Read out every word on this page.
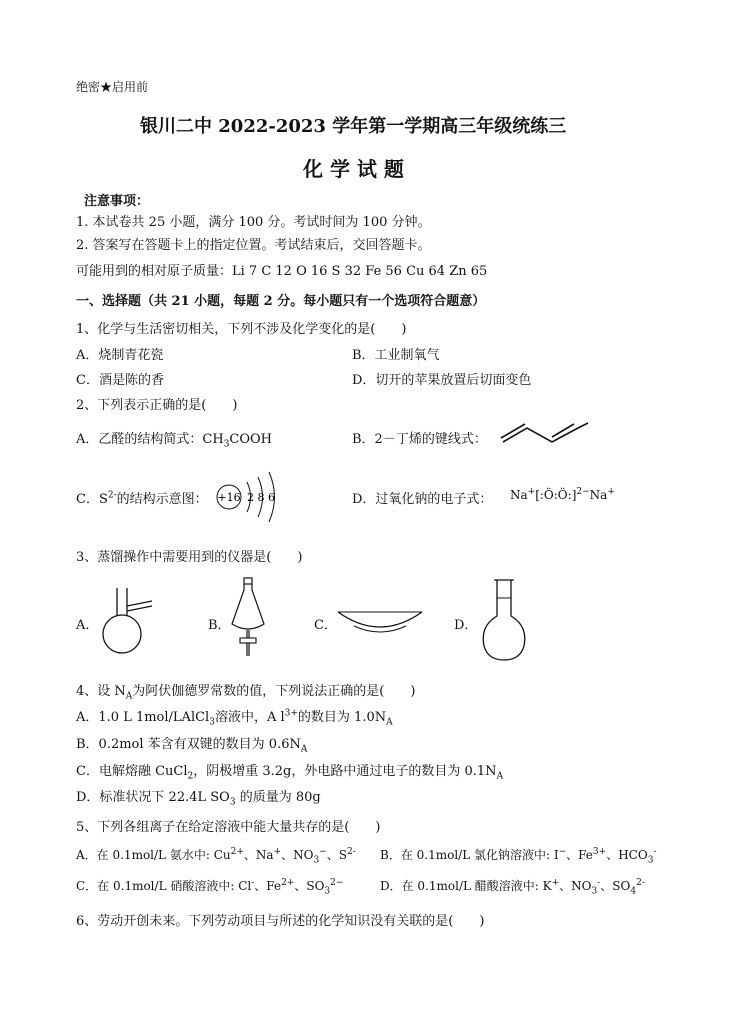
绝密★启用前
银川二中 2022-2023 学年第一学期高三年级统练三
化 学 试 题
注意事项：
1. 本试卷共 25 小题，满分 100 分。考试时间为 100 分钟。
2. 答案写在答题卡上的指定位置。考试结束后，交回答题卡。
可能用到的相对原子质量：Li 7 C 12 O 16 S 32 Fe 56 Cu 64 Zn 65
一、选择题（共 21 小题，每题 2 分。每小题只有一个选项符合题意）
1、化学与生活密切相关，下列不涉及化学变化的是(　　)
A．烧制青花瓷	B．工业制氧气
C．酒是陈的香	D．切开的苹果放置后切面变色
2、下列表示正确的是(　　)
A．乙醛的结构简式：$CH_3COOH$	B．2－丁烯的键线式：
C．$S^{2-}$的结构示意图： +16 2 8 6	D．过氧化钠的电子式： Na+[:Ö:Ö:]$^{2-}$Na+
3、蒸馏操作中需要用到的仪器是(　　)
A．	B．	C．	D．
4、设 $N_A$为阿伏伽德罗常数的值，下列说法正确的是(　　)
A．1.0 L 1mol/LAlCl$_3$溶液中，A $l^{3+}$的数目为 $1.0N_A$
B．0.2mol 苯含有双键的数目为 $0.6N_A$
C．电解熔融 CuCl$_2$，阴极增重 3.2g，外电路中通过电子的数目为 $0.1N_A$
D．标准状况下 22.4L $SO_3$ 的质量为 80g
5、下列各组离子在给定溶液中能大量共存的是(　　)
A．在 0.1mol/L 氨水中: $Cu^{2+}$、Na+、$NO_3^-$、$S^{2-}$ B．在 0.1mol/L 氯化钠溶液中: I−、$Fe^{3+}$、$HCO_3^-$
C．在 0.1mol/L 硝酸溶液中: Cl-、$Fe^{2+}$、$SO_3^{2-}$	D．在 0.1mol/L 醋酸溶液中: K+、$NO_3^-$、$SO_4^{2-}$
6、劳动开创未来。下列劳动项目与所述的化学知识没有关联的是(　　)
